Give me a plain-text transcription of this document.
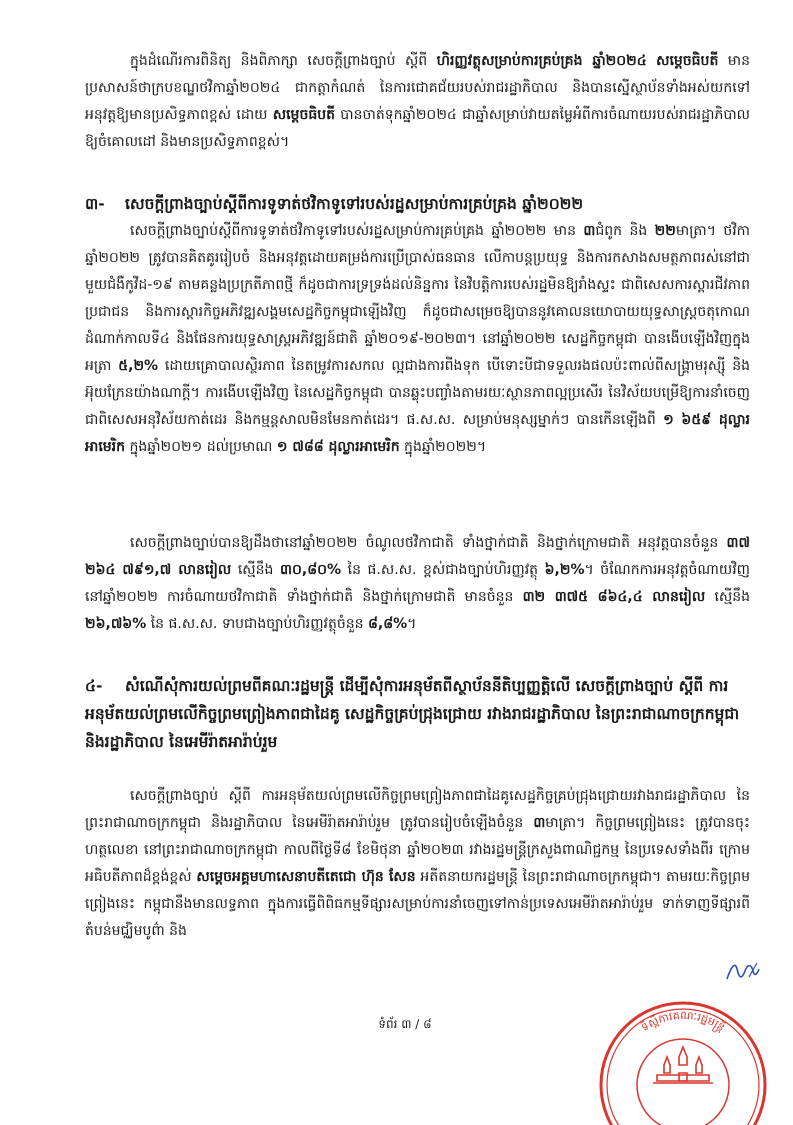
ក្នុងដំណើរការពិនិត្យ និងពិភាក្សា សេចក្តីព្រាងច្បាប់ ស្តីពី ហិរញ្ញវត្ថុសម្រាប់ការគ្រប់គ្រង ឆ្នាំ២០២៤ សម្តេចធិបតី មានប្រសាសន៍ថាក្របខណ្ឌថវិកាឆ្នាំ២០២៤ ជាកត្តាកំណត់ នៃការជោគជ័យរបស់រាជរដ្ឋាភិបាល និងបានស្នើស្ថាប័នទាំងអស់យកទៅអនុវត្តឱ្យមានប្រសិទ្ធភាពខ្ពស់ ដោយ សម្តេចធិបតី បានចាត់ទុកឆ្នាំ២០២៤ ជាឆ្នាំសម្រាប់វាយតម្លៃអំពីការចំណាយរបស់រាជរដ្ឋាភិបាល ឱ្យចំគោលដៅ និងមានប្រសិទ្ធភាពខ្ពស់។

៣- សេចក្តីព្រាងច្បាប់ស្តីពីការទូទាត់ថវិកាទូទៅរបស់រដ្ឋសម្រាប់ការគ្រប់គ្រង ឆ្នាំ២០២២

សេចក្តីព្រាងច្បាប់ស្តីពីការទូទាត់ថវិកាទូទៅរបស់រដ្ឋសម្រាប់ការគ្រប់គ្រង ឆ្នាំ២០២២ មាន ៣ជំពូក និង ២២មាត្រា។ ថវិកាឆ្នាំ២០២២ ត្រូវបានគិតគូររៀបចំ និងអនុវត្តដោយគម្រង់ការប្រើប្រាស់ធនធាន លើកាបន្តប្រយុទ្ធ និងការកសាងសមត្ថភាពរស់នៅជាមួយជំងឺកូវីដ-១៩ តាមគន្លងប្រក្រតីភាពថ្មី ក៏ដូចជាការទ្រទ្រង់ដល់និន្នការ នៃវិបត្តិការបេស់រដ្ឋមិនឱ្យរាំងស្ទះ ជាពិសេសការស្តារជីវភាពប្រជាជន និងការស្តារកិច្ចអភិវឌ្ឍសង្គមសេដ្ឋកិច្ចកម្ពុជាឡើងវិញ ក៏ដូចជាសម្រេចឱ្យបាននូវគោលនយោបាយយុទ្ធសាស្ត្រចតុកោណ ដំណាក់កាលទី៤ និងផែនការយុទ្ធសាស្ត្រអភិវឌ្ឍន៍ជាតិ ឆ្នាំ២០១៩-២០២៣។ នៅឆ្នាំ២០២២ សេដ្ឋកិច្ចកម្ពុជា បានងើបឡើងវិញក្នុងអត្រា ៥,២% ដោយគ្រោបាលស្ថិរភាព នៃតម្រូវការសកល ល្អជាងការពីងទុក បើទោះបីជាទទួលរងផលប៉ះពាល់ពីសង្គ្រាមរុស្ស៊ី និងអ៊ុយក្រែនយ៉ាងណាក្តី។ ការងើបឡើងវិញ នៃសេដ្ឋកិច្ចកម្ពុជា បានឆ្លុះបញ្ចាំងតាមរយៈស្ថានភាពល្អប្រសើរ នៃវិស័យបម្រើឱ្យការនាំចេញ ជាពិសេសអនុវិស័យកាត់ដេរ និងកម្មន្តសាលមិនមែនកាត់ដេរ។ ផ.ស.ស. សម្រាប់មនុស្សម្នាក់ៗ បានកើនឡើងពី ១ ៦៥៩ ដុល្លារអាមេរិក ក្នុងឆ្នាំ២០២១ ដល់ប្រមាណ ១ ៧៨៨ ដុល្លារអាមេរិក ក្នុងឆ្នាំ២០២២។

សេចក្តីព្រាងច្បាប់បានឱ្យដឹងថានៅឆ្នាំ២០២២ ចំណូលថវិកាជាតិ ទាំងថ្នាក់ជាតិ និងថ្នាក់ក្រោមជាតិ អនុវត្តបានចំនួន ៣៧ ២៦៤ ៧៩១,៧ លានរៀល ស្មើនឹង ៣០,៨០% នៃ ផ.ស.ស. ខ្ពស់ជាងច្បាប់ហិរញ្ញវត្ថុ ៦,២%។ ចំណែកការអនុវត្តចំណាយវិញ នៅឆ្នាំ២០២២ ការចំណាយថវិកាជាតិ ទាំងថ្នាក់ជាតិ និងថ្នាក់ក្រោមជាតិ មានចំនួន ៣២ ៣៧៥ ៨៦៤,៤ លានរៀល ស្មើនឹង ២៦,៧៦% នៃ ផ.ស.ស. ទាបជាងច្បាប់ហិរញ្ញវត្ថុចំនួន ៨,៨%។

៤- សំណើសុំការយល់ព្រមពីគណៈរដ្ឋមន្ត្រី ដើម្បីសុំការអនុម័តពីស្ថាប័ននីតិប្បញ្ញត្តិលើ សេចក្តីព្រាងច្បាប់ ស្តីពី ការអនុម័តយល់ព្រមលើកិច្ចព្រមព្រៀងភាពជាដៃគូ សេដ្ឋកិច្ចគ្រប់ជ្រុងជ្រោយ រវាងរាជរដ្ឋាភិបាល នៃព្រះរាជាណាចក្រកម្ពុជា និងរដ្ឋាភិបាល នៃអេមីរ៉ាតអារ៉ាប់រួម

សេចក្តីព្រាងច្បាប់ ស្តីពី ការអនុម័តយល់ព្រមលើកិច្ចព្រមព្រៀងភាពជាដៃគូសេដ្ឋកិច្ចគ្រប់ជ្រុងជ្រោយរវាងរាជរដ្ឋាភិបាល នៃព្រះរាជាណាចក្រកម្ពុជា និងរដ្ឋាភិបាល នៃអេមីរ៉ាតអារ៉ាប់រួម ត្រូវបានរៀបចំឡើងចំនួន ៣មាត្រា។ កិច្ចព្រមព្រៀងនេះ ត្រូវបានចុះហត្ថលេខា នៅព្រះរាជាណាចក្រកម្ពុជា កាលពីថ្ងៃទី៨ ខែមិថុនា ឆ្នាំ២០២៣ រវាងរដ្ឋមន្ត្រីក្រសួងពាណិជ្ជកម្ម នៃប្រទេសទាំងពីរ ក្រោមអធិបតីភាពដ៏ខ្ពង់ខ្ពស់ សម្តេចអគ្គមហាសេនាបតីតេជោ ហ៊ុន សែន អតីតនាយករដ្ឋមន្ត្រី នៃព្រះរាជាណាចក្រកម្ពុជា។ តាមរយៈកិច្ចព្រមព្រៀងនេះ កម្ពុជានឹងមានលទ្ធភាព ក្នុងការធ្វើពិពិធកម្មទីផ្សារសម្រាប់ការនាំចេញទៅកាន់ប្រទេសអេមីរ៉ាតអារ៉ាប់រួម ទាក់ទាញទីផ្សារពីតំបន់មជ្ឈិមបូព៌ា និង

ទំព័រ ៣ / ៨	ទីស្ដីការគណៈរដ្ឋមន្ត្រី
